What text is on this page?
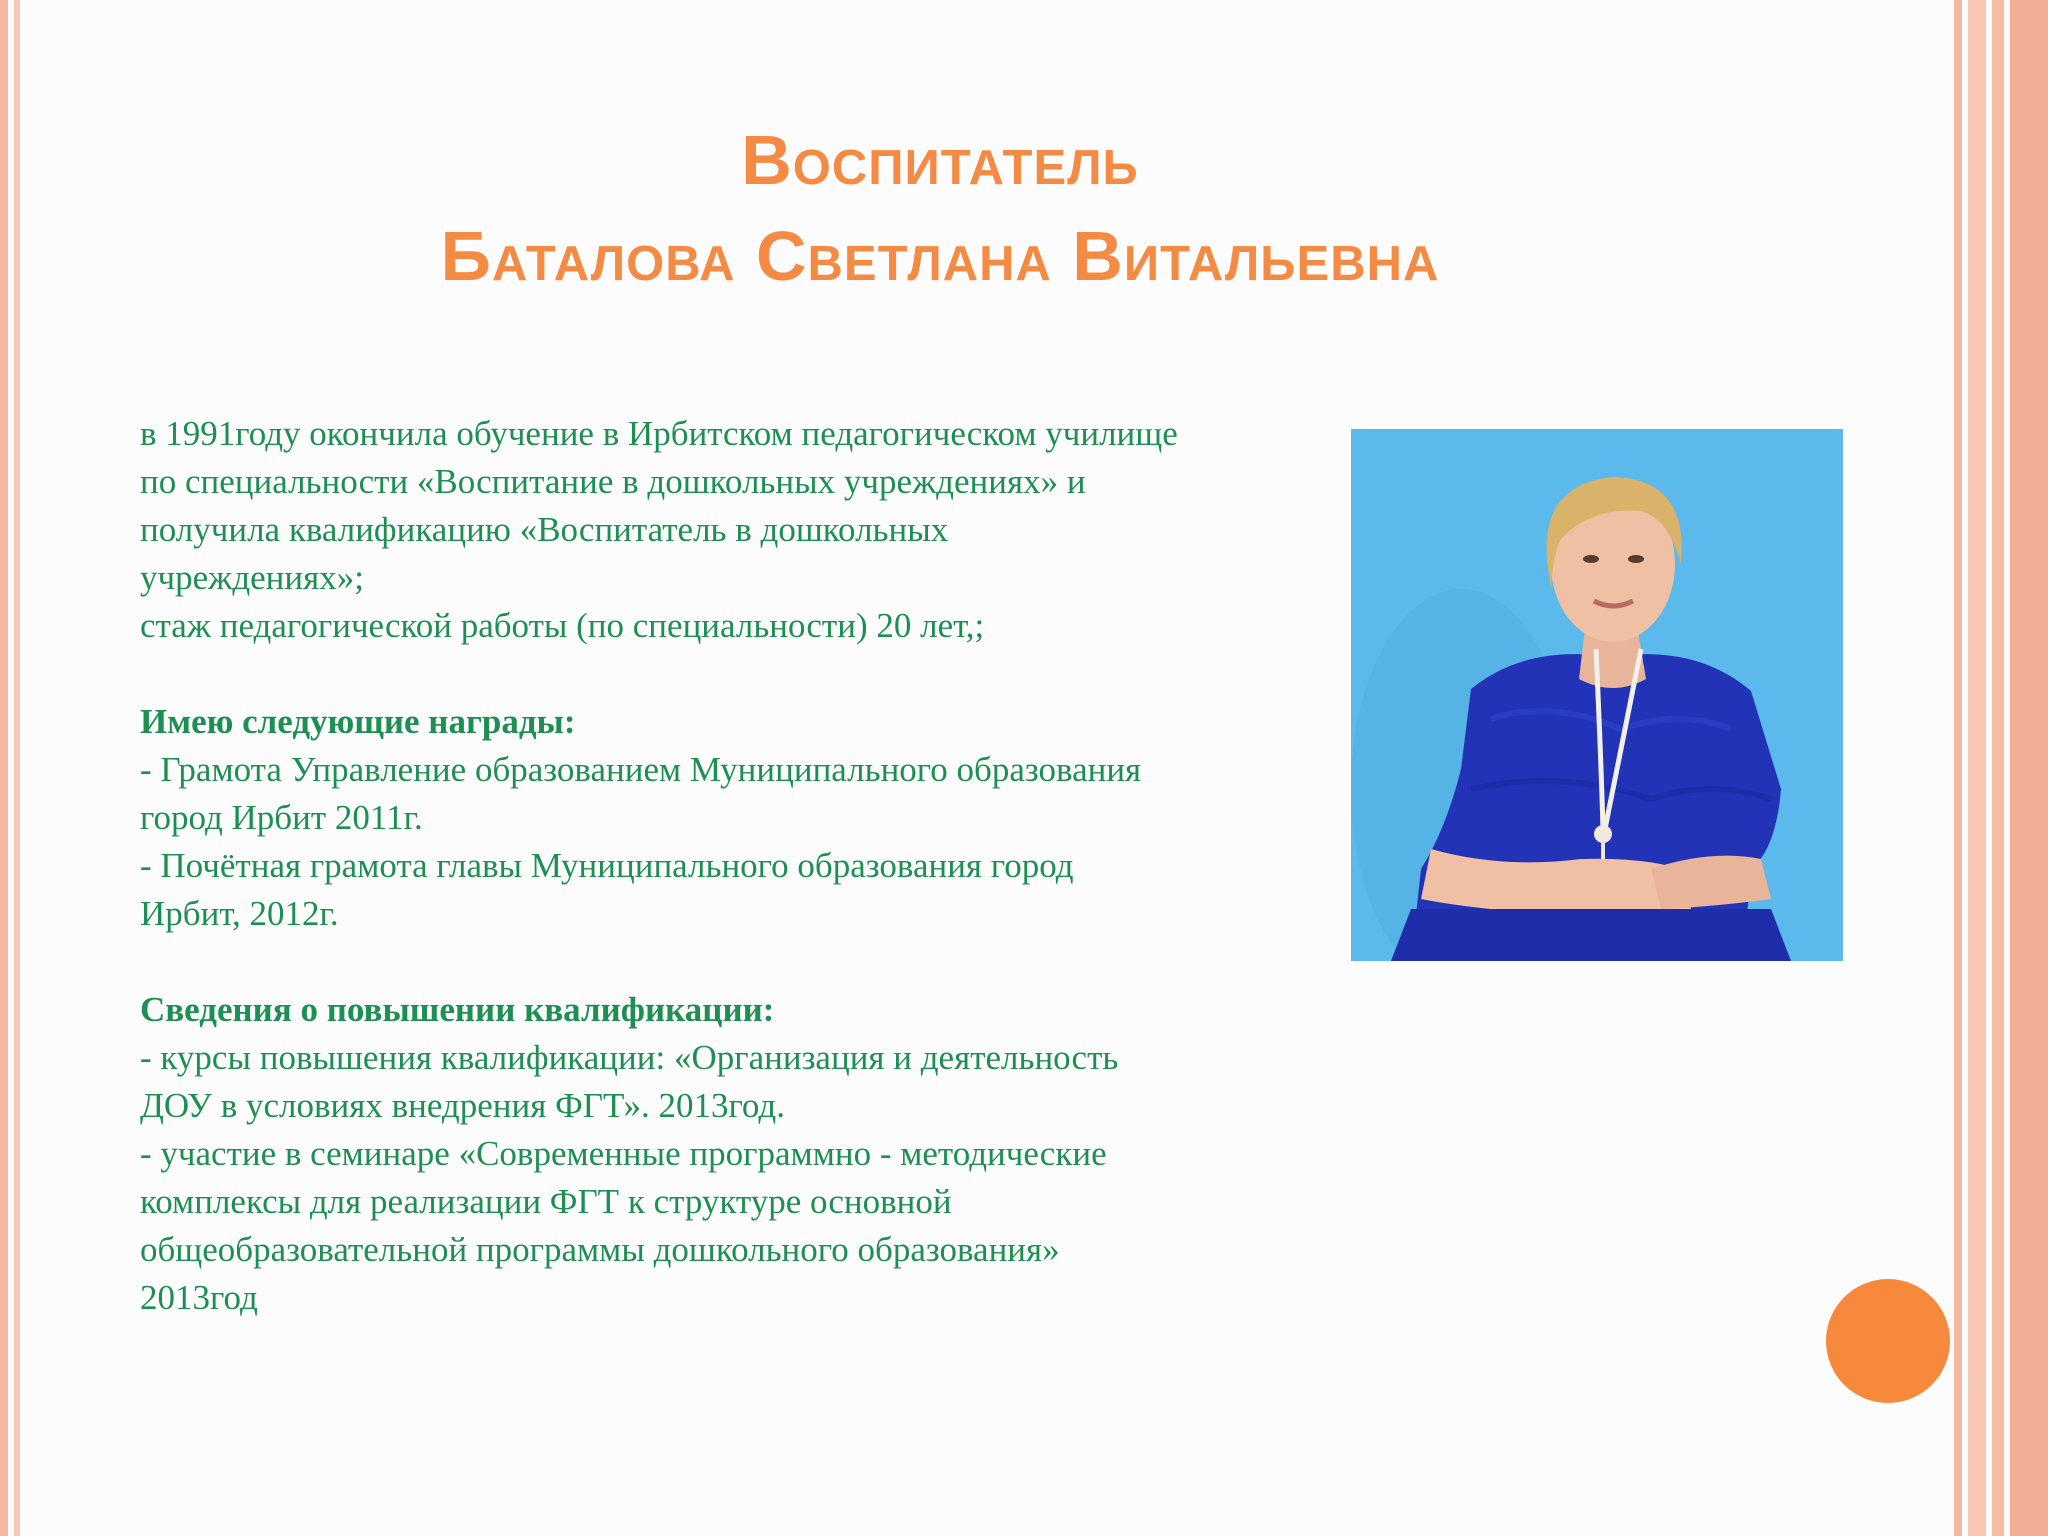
Воспитатель
Баталова Светлана Витальевна
в 1991году окончила обучение в Ирбитском педагогическом училище
по специальности «Воспитание в дошкольных учреждениях» и
получила квалификацию «Воспитатель в дошкольных
учреждениях»;
стаж педагогической работы (по специальности) 20 лет,;
Имею следующие награды:
- Грамота Управление образованием Муниципального образования
город Ирбит 2011г.
- Почётная грамота главы Муниципального образования город
Ирбит, 2012г.
Сведения о повышении квалификации:
- курсы повышения квалификации: «Организация и деятельность
ДОУ в условиях внедрения ФГТ». 2013год.
- участие в семинаре «Современные программно - методические
комплексы для реализации ФГТ к структуре основной
общеобразовательной программы дошкольного образования»
2013год
